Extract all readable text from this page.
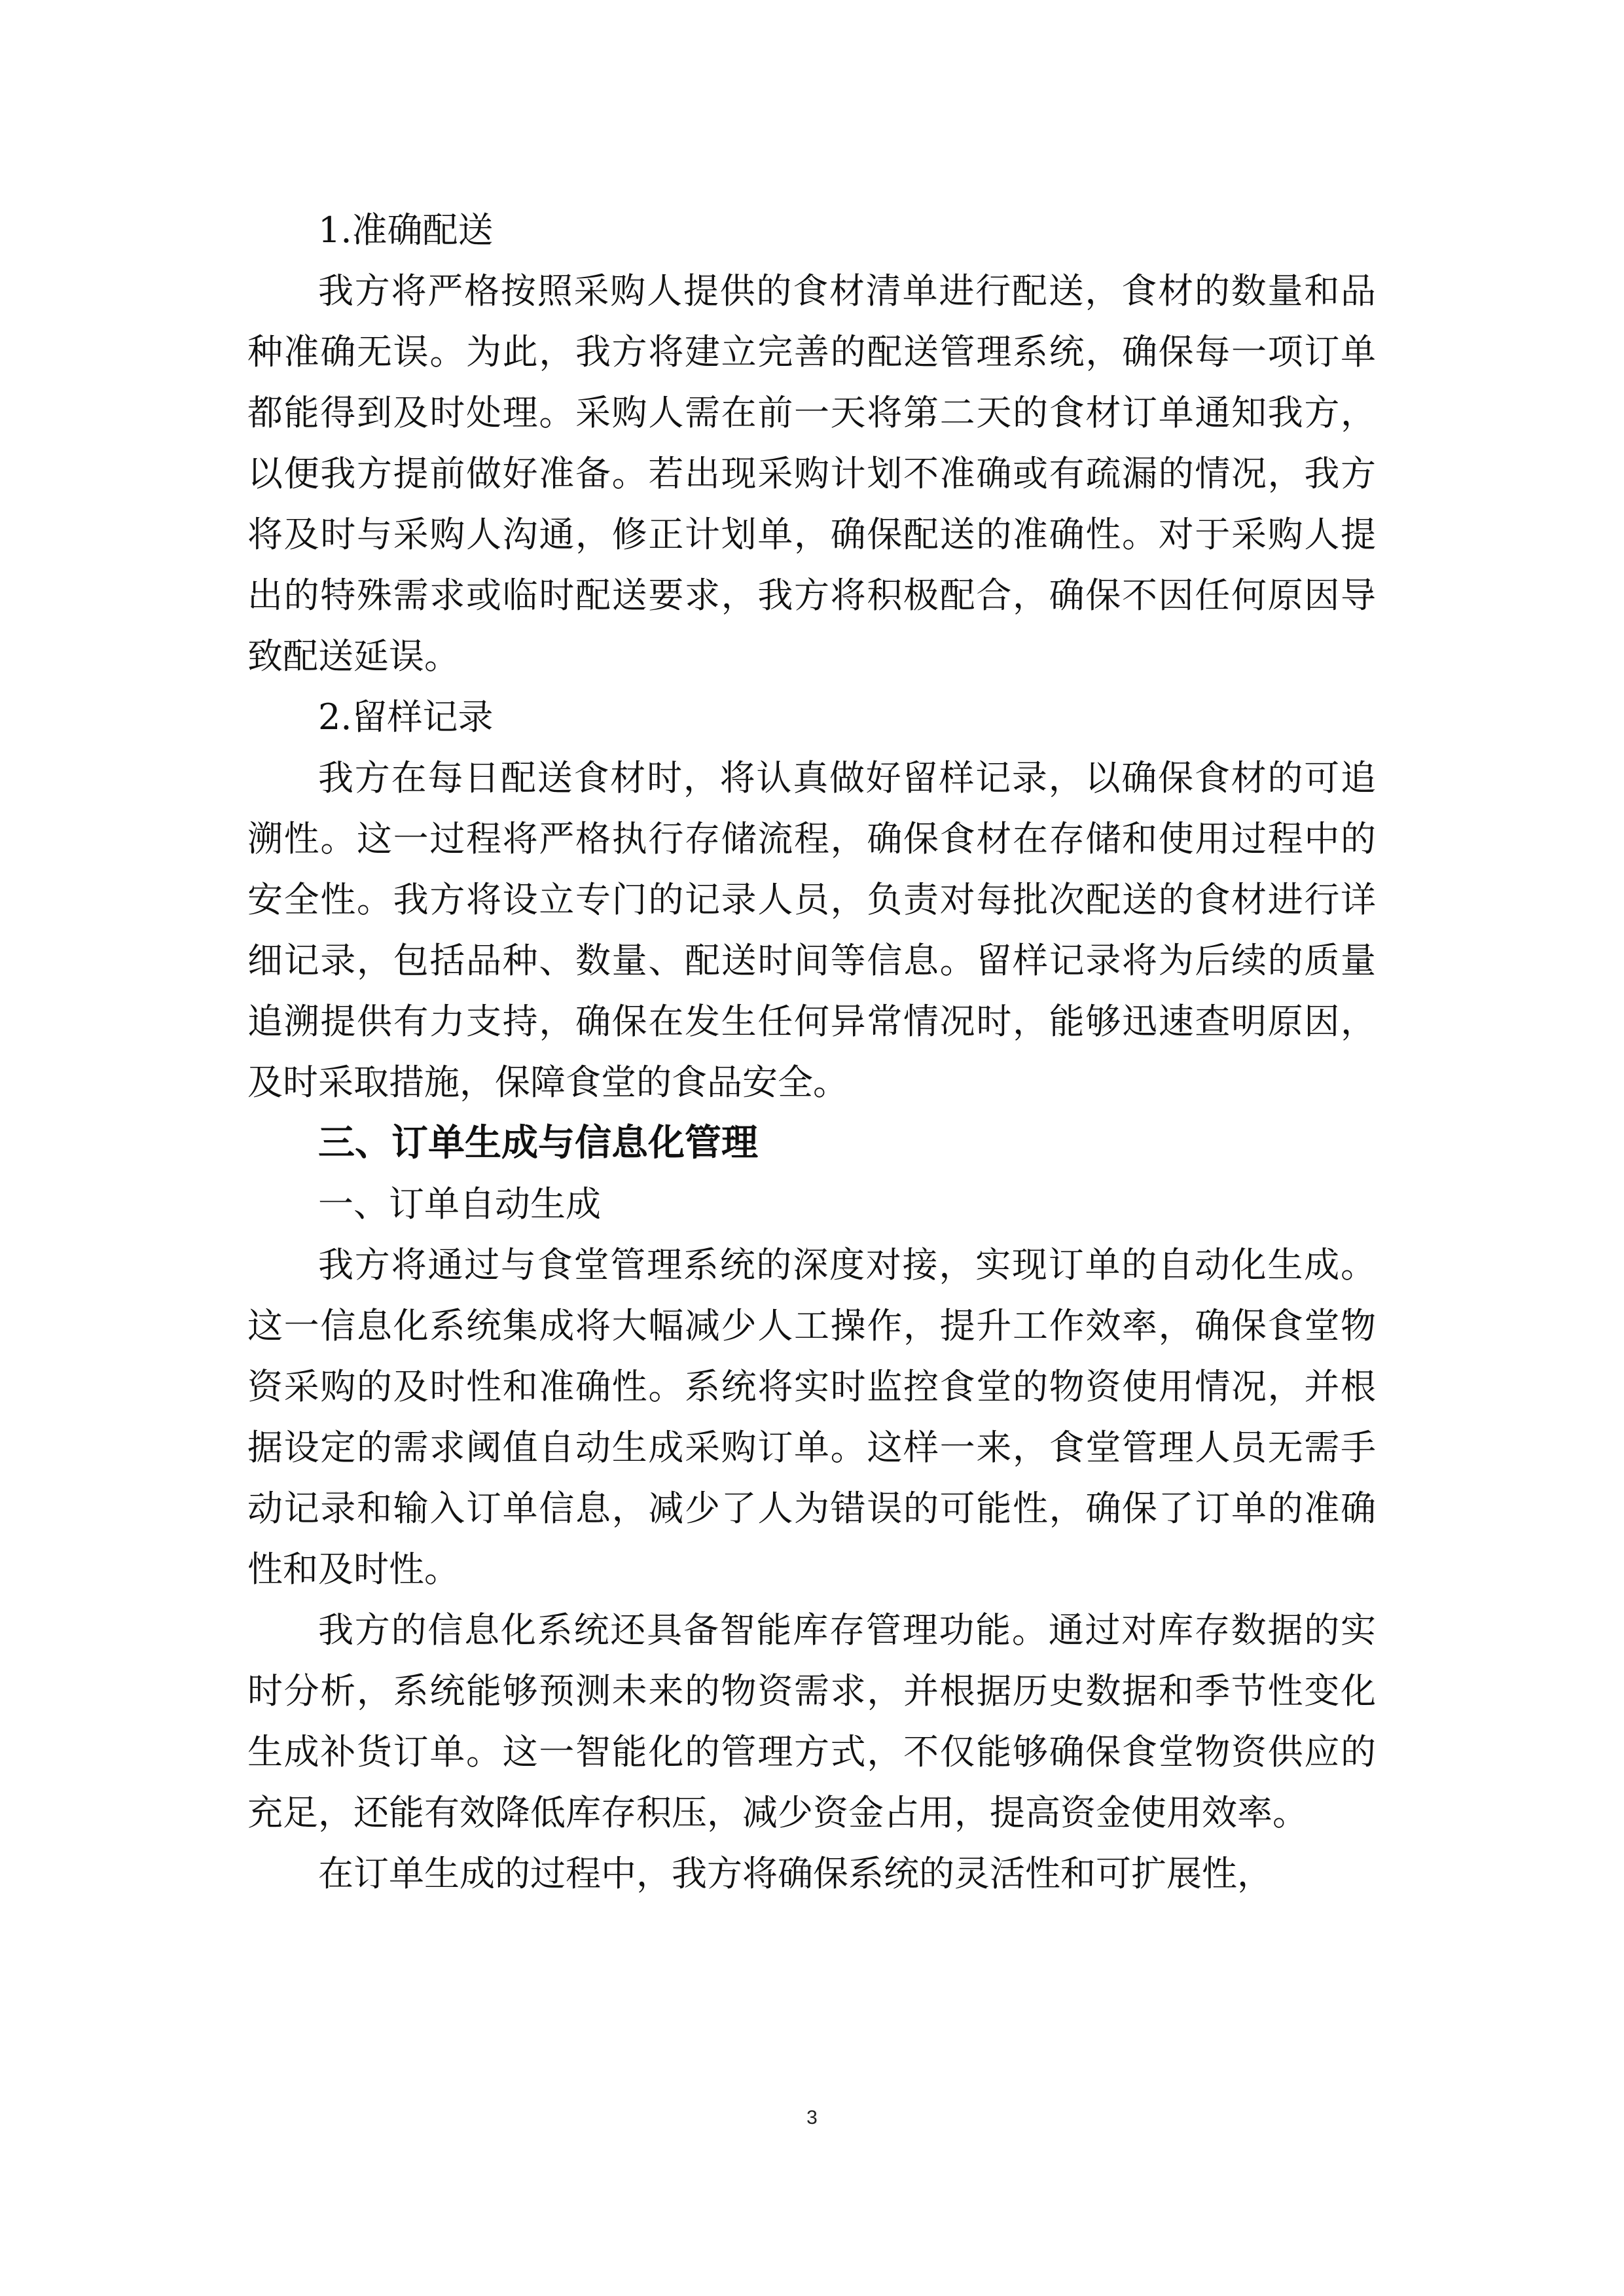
1.准确配送

我方将严格按照采购人提供的食材清单进行配送，食材的数量和品种准确无误。为此，我方将建立完善的配送管理系统，确保每一项订单都能得到及时处理。采购人需在前一天将第二天的食材订单通知我方，以便我方提前做好准备。若出现采购计划不准确或有疏漏的情况，我方将及时与采购人沟通，修正计划单，确保配送的准确性。对于采购人提出的特殊需求或临时配送要求，我方将积极配合，确保不因任何原因导致配送延误。

2.留样记录

我方在每日配送食材时，将认真做好留样记录，以确保食材的可追溯性。这一过程将严格执行存储流程，确保食材在存储和使用过程中的安全性。我方将设立专门的记录人员，负责对每批次配送的食材进行详细记录，包括品种、数量、配送时间等信息。留样记录将为后续的质量追溯提供有力支持，确保在发生任何异常情况时，能够迅速查明原因，及时采取措施，保障食堂的食品安全。

三、订单生成与信息化管理

一、订单自动生成

我方将通过与食堂管理系统的深度对接，实现订单的自动化生成。这一信息化系统集成将大幅减少人工操作，提升工作效率，确保食堂物资采购的及时性和准确性。系统将实时监控食堂的物资使用情况，并根据设定的需求阈值自动生成采购订单。这样一来，食堂管理人员无需手动记录和输入订单信息，减少了人为错误的可能性，确保了订单的准确性和及时性。

我方的信息化系统还具备智能库存管理功能。通过对库存数据的实时分析，系统能够预测未来的物资需求，并根据历史数据和季节性变化生成补货订单。这一智能化的管理方式，不仅能够确保食堂物资供应的充足，还能有效降低库存积压，减少资金占用，提高资金使用效率。

在订单生成的过程中，我方将确保系统的灵活性和可扩展性，

3
